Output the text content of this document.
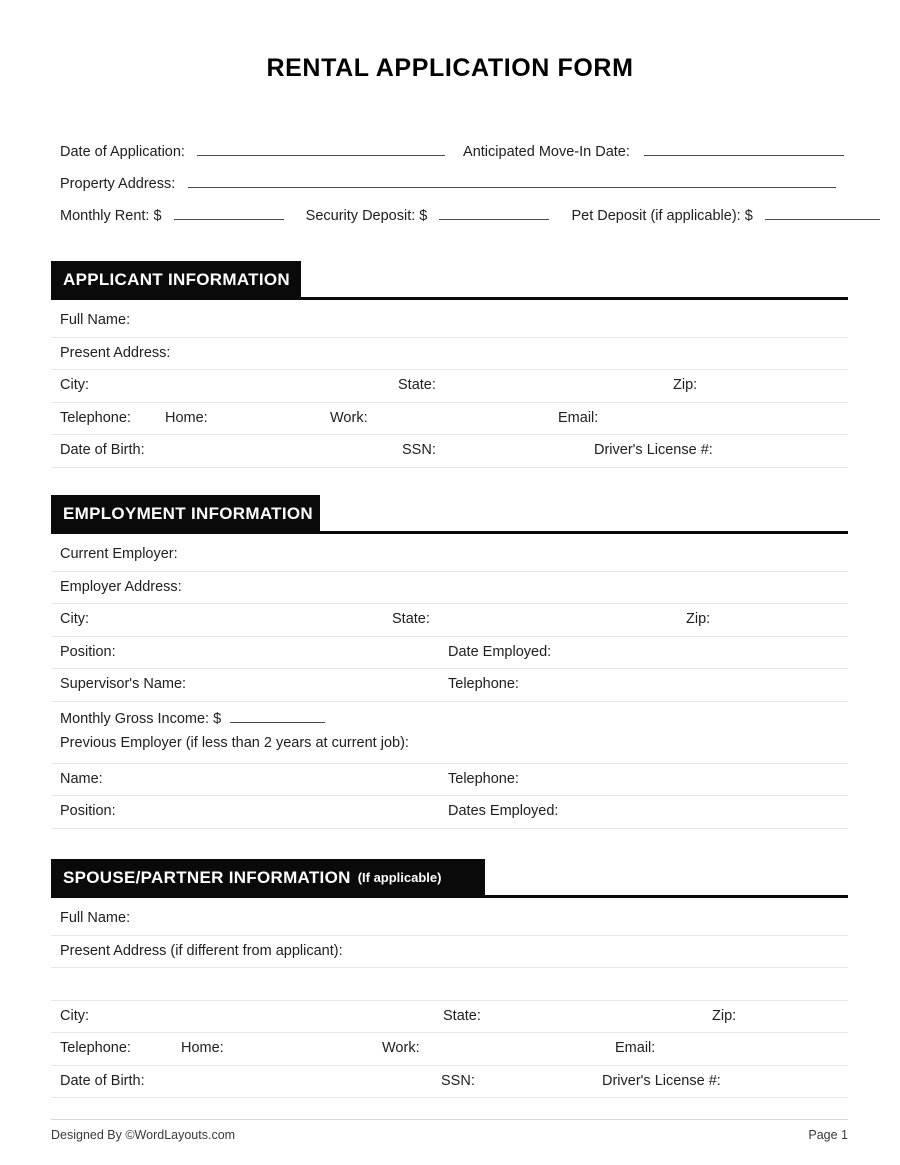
RENTAL APPLICATION FORM
Date of Application:	Anticipated Move-In Date:
Property Address:
Monthly Rent: $	Security Deposit: $	Pet Deposit (if applicable): $
APPLICANT INFORMATION
Full Name:
Present Address:
City:	State:	Zip:
Telephone: Home:	Work:	Email:
Date of Birth:	SSN:	Driver's License #:
EMPLOYMENT INFORMATION
Current Employer:
Employer Address:
City:	State:	Zip:
Position:	Date Employed:
Supervisor's Name:	Telephone:
Monthly Gross Income: $
Previous Employer (if less than 2 years at current job):
Name:	Telephone:
Position:	Dates Employed:
SPOUSE/PARTNER INFORMATION (If applicable)
Full Name:
Present Address (if different from applicant):
City:	State:	Zip:
Telephone:	Home:	Work:	Email:
Date of Birth:	SSN:	Driver's License #:
Designed By ©WordLayouts.com	Page 1
